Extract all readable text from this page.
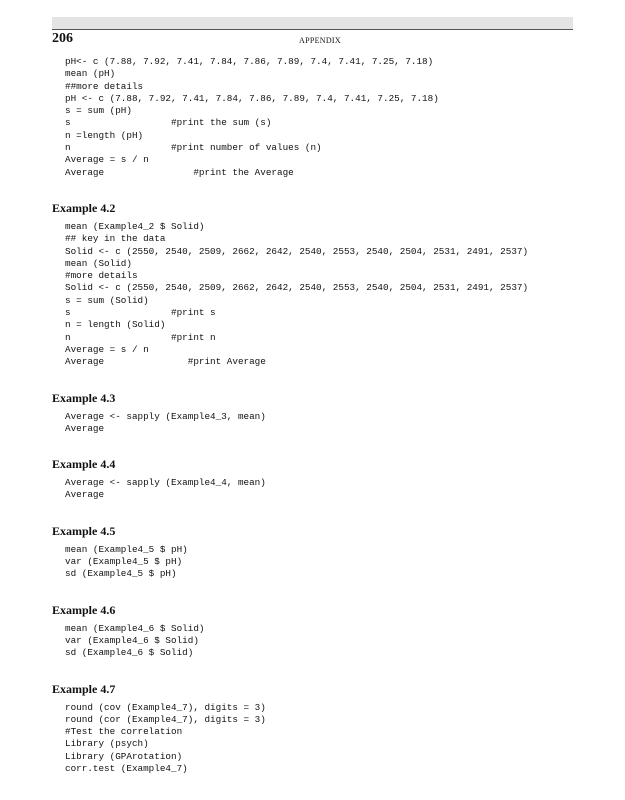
206	APPENDIX
pH<- c (7.88, 7.92, 7.41, 7.84, 7.86, 7.89, 7.4, 7.41, 7.25, 7.18)
mean (pH)
##more details
pH <- c (7.88, 7.92, 7.41, 7.84, 7.86, 7.89, 7.4, 7.41, 7.25, 7.18)
s = sum (pH)
s                  #print the sum (s)
n =length (pH)
n                  #print number of values (n)
Average = s / n
Average                #print the Average
Example 4.2
mean (Example4_2 $ Solid)
## key in the data
Solid <- c (2550, 2540, 2509, 2662, 2642, 2540, 2553, 2540, 2504, 2531, 2491, 2537)
mean (Solid)
#more details
Solid <- c (2550, 2540, 2509, 2662, 2642, 2540, 2553, 2540, 2504, 2531, 2491, 2537)
s = sum (Solid)
s                  #print s
n = length (Solid)
n                  #print n
Average = s / n
Average               #print Average
Example 4.3
Average <- sapply (Example4_3, mean)
Average
Example 4.4
Average <- sapply (Example4_4, mean)
Average
Example 4.5
mean (Example4_5 $ pH)
var (Example4_5 $ pH)
sd (Example4_5 $ pH)
Example 4.6
mean (Example4_6 $ Solid)
var (Example4_6 $ Solid)
sd (Example4_6 $ Solid)
Example 4.7
round (cov (Example4_7), digits = 3)
round (cor (Example4_7), digits = 3)
#Test the correlation
Library (psych)
Library (GPArotation)
corr.test (Example4_7)
